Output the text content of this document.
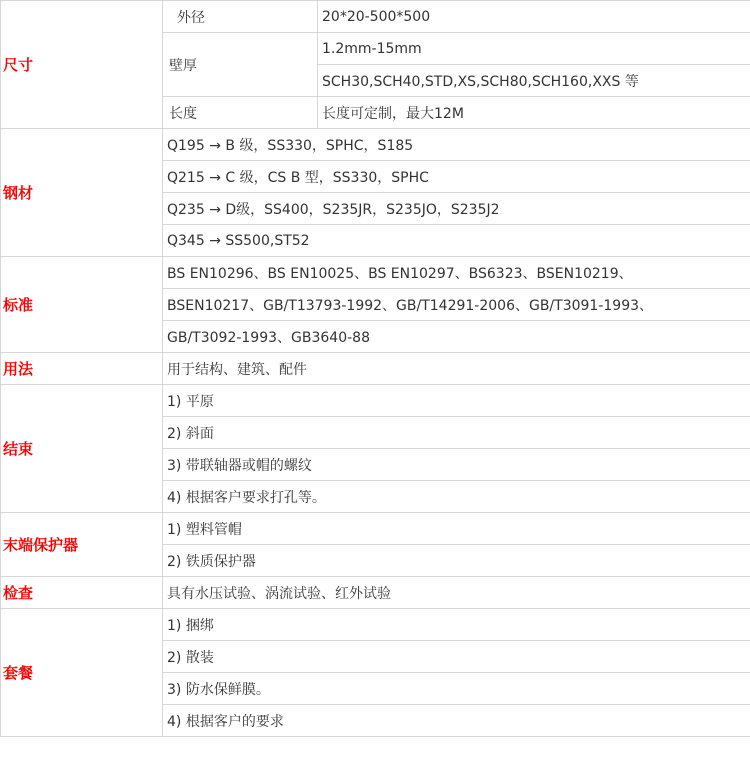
尺寸	外径	20*20-500*500
	壁厚	1.2mm-15mm
		SCH30,SCH40,STD,XS,SCH80,SCH160,XXS 等
	长度	长度可定制，最大12M
钢材	Q195 → B 级，SS330，SPHC，S185	
	Q215 → C 级，CS B 型，SS330，SPHC	
	Q235 → D级，SS400，S235JR，S235JO，S235J2	
	Q345 → SS500,ST52	
标准	BS EN10296、BS EN10025、BS EN10297、BS6323、BSEN10219、	
	BSEN10217、GB/T13793-1992、GB/T14291-2006、GB/T3091-1993、	
	GB/T3092-1993、GB3640-88	
用法	用于结构、建筑、配件	
结束	1) 平原	
	2) 斜面	
	3) 带联轴器或帽的螺纹	
	4) 根据客户要求打孔等。	
末端保护器	1) 塑料管帽	
	2) 铁质保护器	
检查	具有水压试验、涡流试验、红外试验	
套餐	1) 捆绑	
	2) 散装	
	3) 防水保鲜膜。	
	4) 根据客户的要求	
